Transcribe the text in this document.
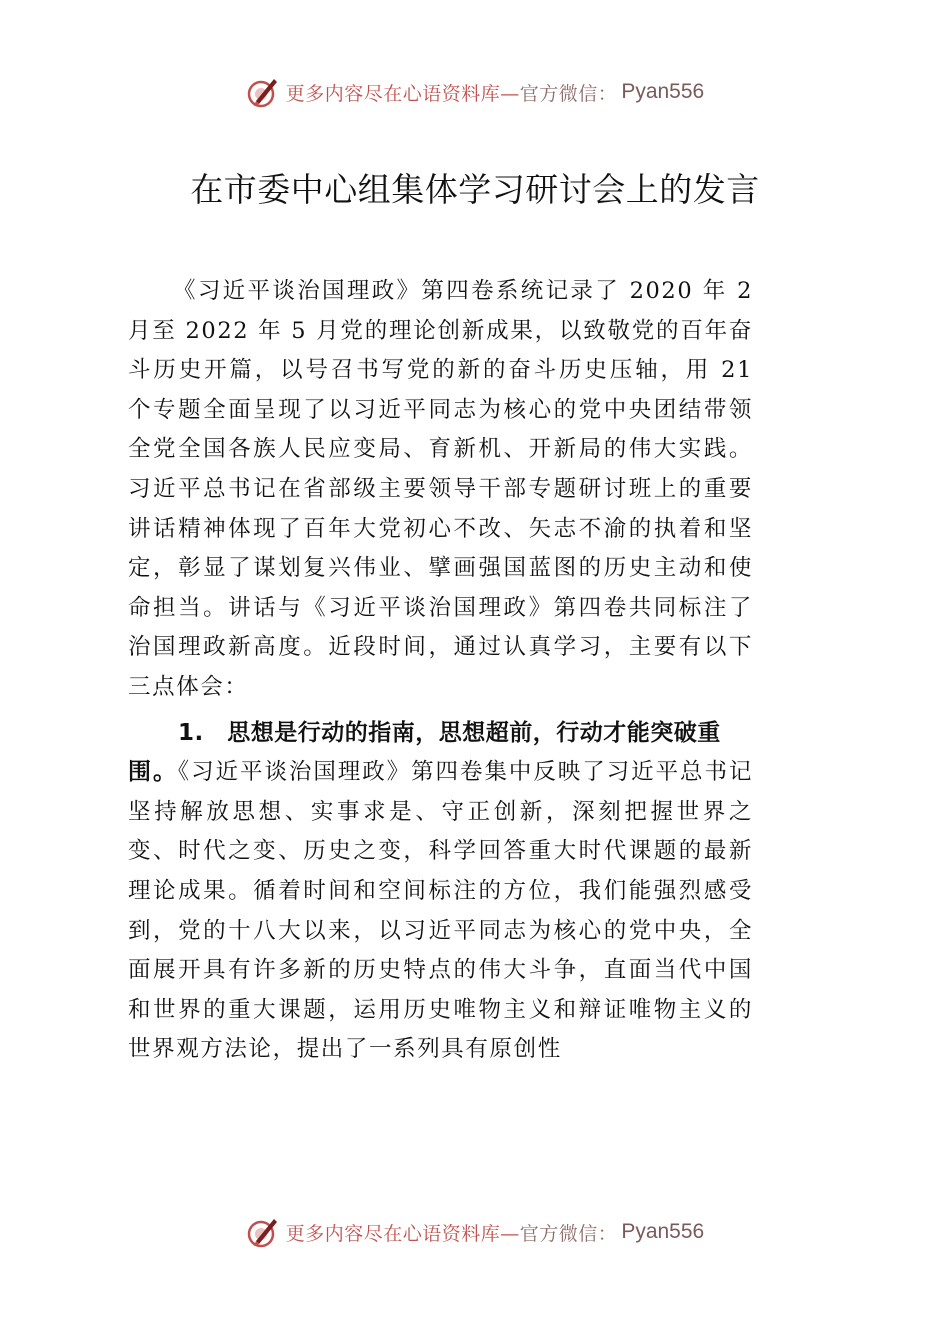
更多内容尽在心语资料库— 官方微信： Pyan556
在市委中心组集体学习研讨会上的发言

《习近平谈治国理政》第四卷系统记录了 2020 年 2 月至 2022 年 5 月党的理论创新成果，以致敬党的百年奋斗历史开篇，以号召书写党的新的奋斗历史压轴，用 21 个专题全面呈现了以习近平同志为核心的党中央团结带领全党全国各族人民应变局、育新机、开新局的伟大实践。习近平总书记在省部级主要领导干部专题研讨班上的重要讲话精神体现了百年大党初心不改、矢志不渝的执着和坚定，彰显了谋划复兴伟业、擘画强国蓝图的历史主动和使命担当。讲话与《习近平谈治国理政》第四卷共同标注了治国理政新高度。近段时间，通过认真学习，主要有以下三点体会：

1.　思想是行动的指南，思想超前，行动才能突破重

围。《习近平谈治国理政》第四卷集中反映了习近平总书记坚持解放思想、实事求是、守正创新，深刻把握世界之变、时代之变、历史之变，科学回答重大时代课题的最新理论成果。循着时间和空间标注的方位，我们能强烈感受到，党的十八大以来，以习近平同志为核心的党中央，全面展开具有许多新的历史特点的伟大斗争，直面当代中国和世界的重大课题，运用历史唯物主义和辩证唯物主义的世界观方法论，提出了一系列具有原创性

更多内容尽在心语资料库— 官方微信： Pyan556
